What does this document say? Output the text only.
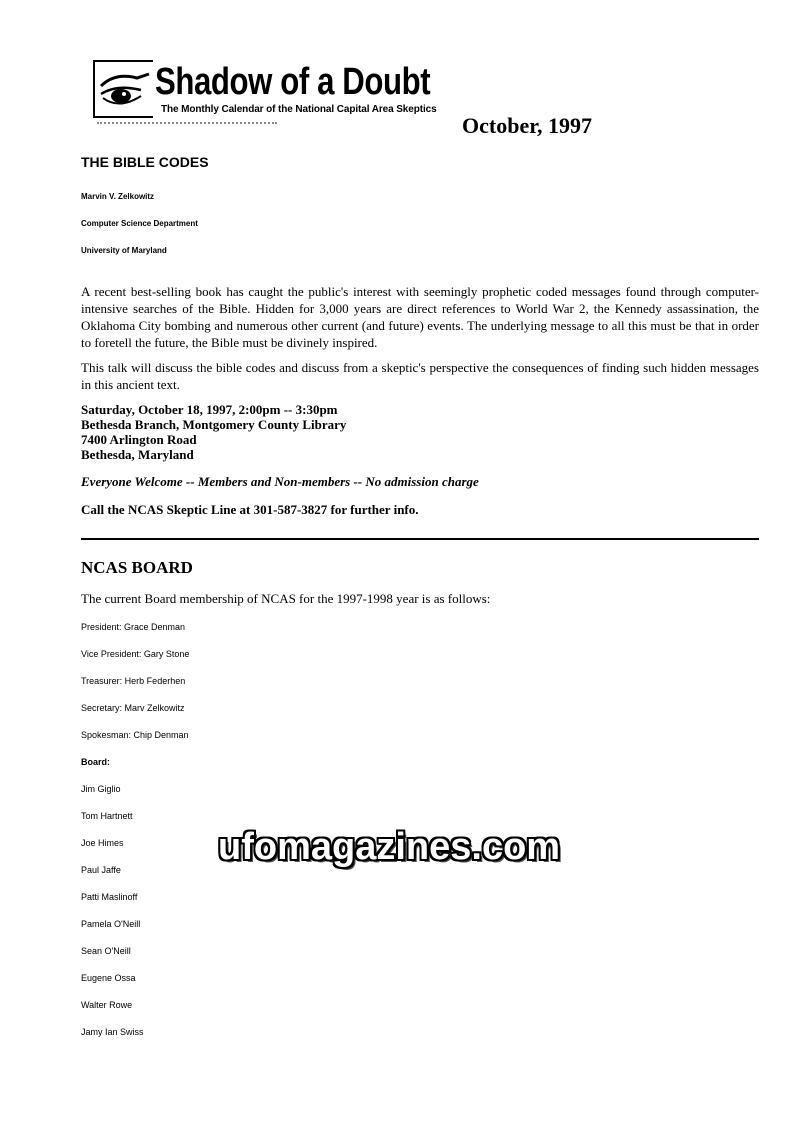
Shadow of a Doubt
The Monthly Calendar of the National Capital Area Skeptics
October, 1997
THE BIBLE CODES
Marvin V. Zelkowitz
Computer Science Department
University of Maryland
A recent best-selling book has caught the public's interest with seemingly prophetic coded messages found through computer-intensive searches of the Bible. Hidden for 3,000 years are direct references to World War 2, the Kennedy assassination, the Oklahoma City bombing and numerous other current (and future) events. The underlying message to all this must be that in order to foretell the future, the Bible must be divinely inspired.
This talk will discuss the bible codes and discuss from a skeptic's perspective the consequences of finding such hidden messages in this ancient text.
Saturday, October 18, 1997, 2:00pm -- 3:30pm
Bethesda Branch, Montgomery County Library
7400 Arlington Road
Bethesda, Maryland
Everyone Welcome -- Members and Non-members -- No admission charge
Call the NCAS Skeptic Line at 301-587-3827 for further info.
NCAS BOARD
The current Board membership of NCAS for the 1997-1998 year is as follows:
President: Grace Denman
Vice President: Gary Stone
Treasurer: Herb Federhen
Secretary: Marv Zelkowitz
Spokesman: Chip Denman
Board:
Jim Giglio
Tom Hartnett
Joe Himes
Paul Jaffe
Patti Maslinoff
Pamela O'Neill
Sean O'Neill
Eugene Ossa
Walter Rowe
Jamy Ian Swiss
ufomagazines.com
